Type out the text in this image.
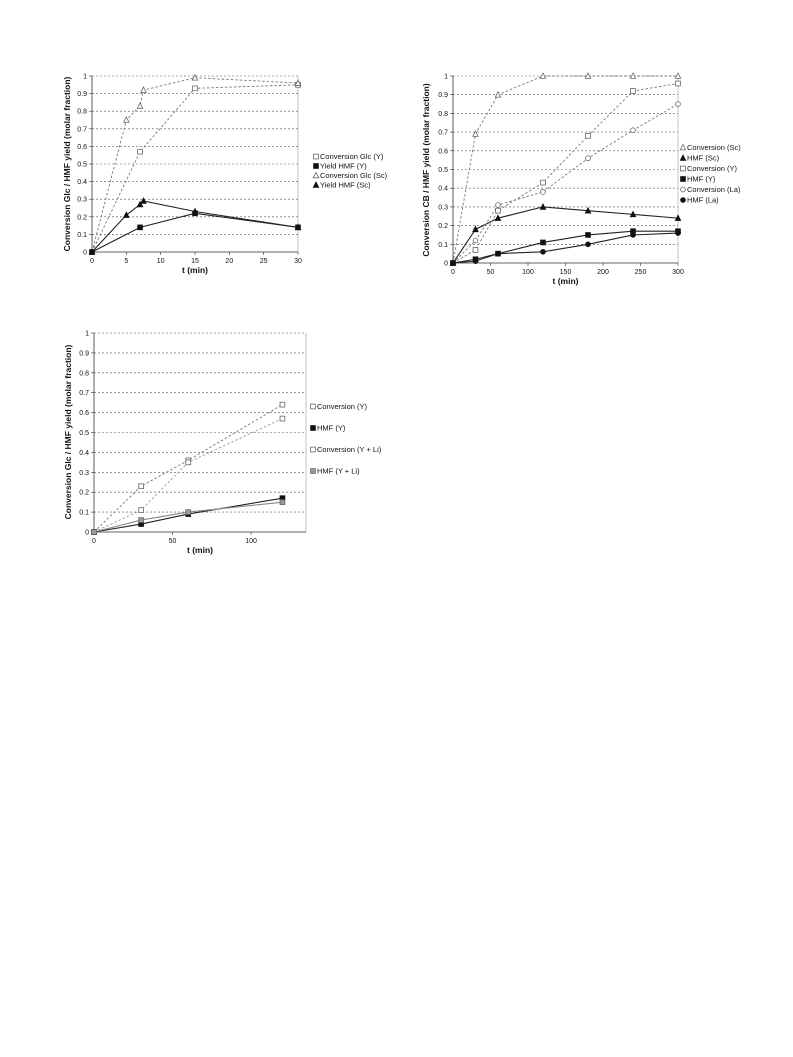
0
0.1
0.2
0.3
0.4
0.5
0.6
0.7
0.8
0.9
1
0	5	10	15	20	25	30
t (min)
Conversion Glc / HMF yield (molar fraction)	Conversion Glc (Y)
Yield HMF (Y)
Conversion Glc (Sc)
Yield HMF (Sc)
0
0.1
0.2
0.3
0.4
0.5
0.6
0.7
0.8
0.9
1
0	50	100	150	200	250	300
t (min)
Conversion CB / HMF yield (molar fraction)	Conversion (Sc)
HMF (Sc)
Conversion (Y)
HMF (Y)
Conversion (La)
HMF (La)
0
0.1
0.2
0.3
0.4
0.5
0.6
0.7
0.8
0.9
1
0	50	100
t (min)
Conversion Glc / HMF yield (molar fraction)	Conversion (Y)
HMF (Y)
Conversion (Y + Li)
HMF (Y + Li)
